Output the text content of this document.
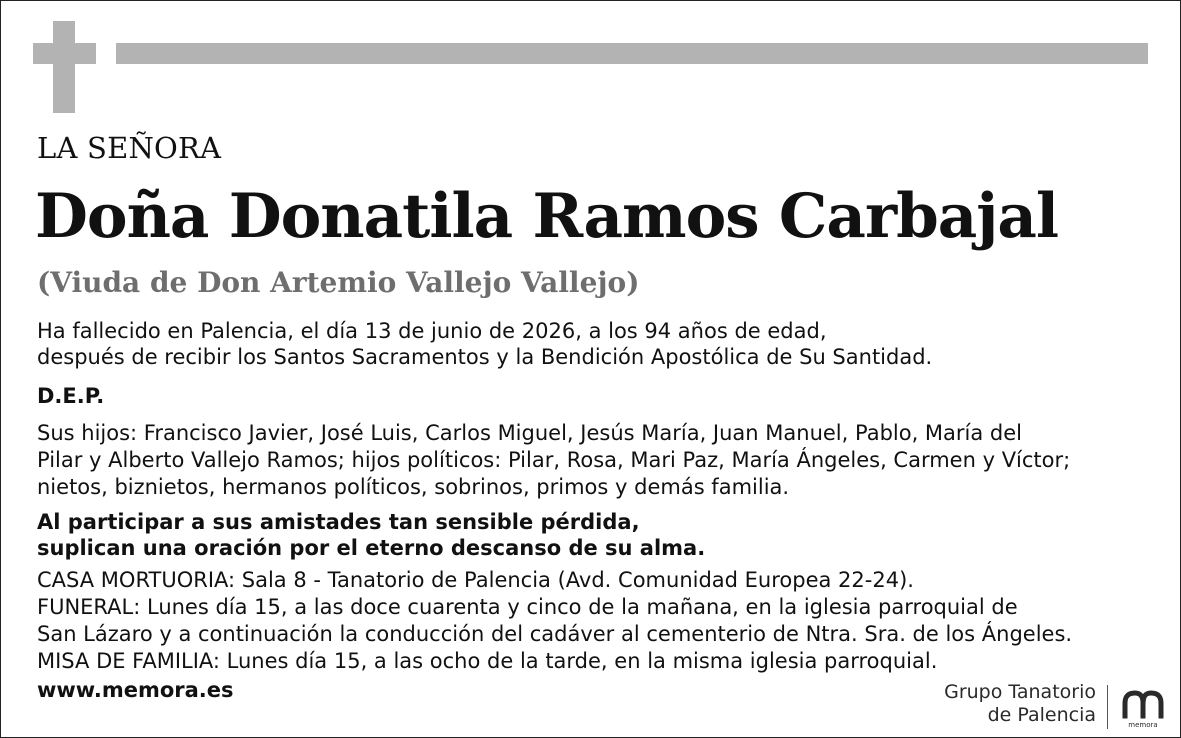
LA SEÑORA
Doña Donatila Ramos Carbajal
(Viuda de Don Artemio Vallejo Vallejo)
Ha fallecido en Palencia, el día 13 de junio de 2026, a los 94 años de edad,
después de recibir los Santos Sacramentos y la Bendición Apostólica de Su Santidad.
D.E.P.
Sus hijos: Francisco Javier, José Luis, Carlos Miguel, Jesús María, Juan Manuel, Pablo, María del
Pilar y Alberto Vallejo Ramos; hijos políticos: Pilar, Rosa, Mari Paz, María Ángeles, Carmen y Víctor;
nietos, biznietos, hermanos políticos, sobrinos, primos y demás familia.
Al participar a sus amistades tan sensible pérdida,
suplican una oración por el eterno descanso de su alma.
CASA MORTUORIA: Sala 8 - Tanatorio de Palencia (Avd. Comunidad Europea 22-24).
FUNERAL: Lunes día 15, a las doce cuarenta y cinco de la mañana, en la iglesia parroquial de
San Lázaro y a continuación la conducción del cadáver al cementerio de Ntra. Sra. de los Ángeles.
MISA DE FAMILIA: Lunes día 15, a las ocho de la tarde, en la misma iglesia parroquial.
www.memora.es	Grupo Tanatorio
de Palencia	memora
